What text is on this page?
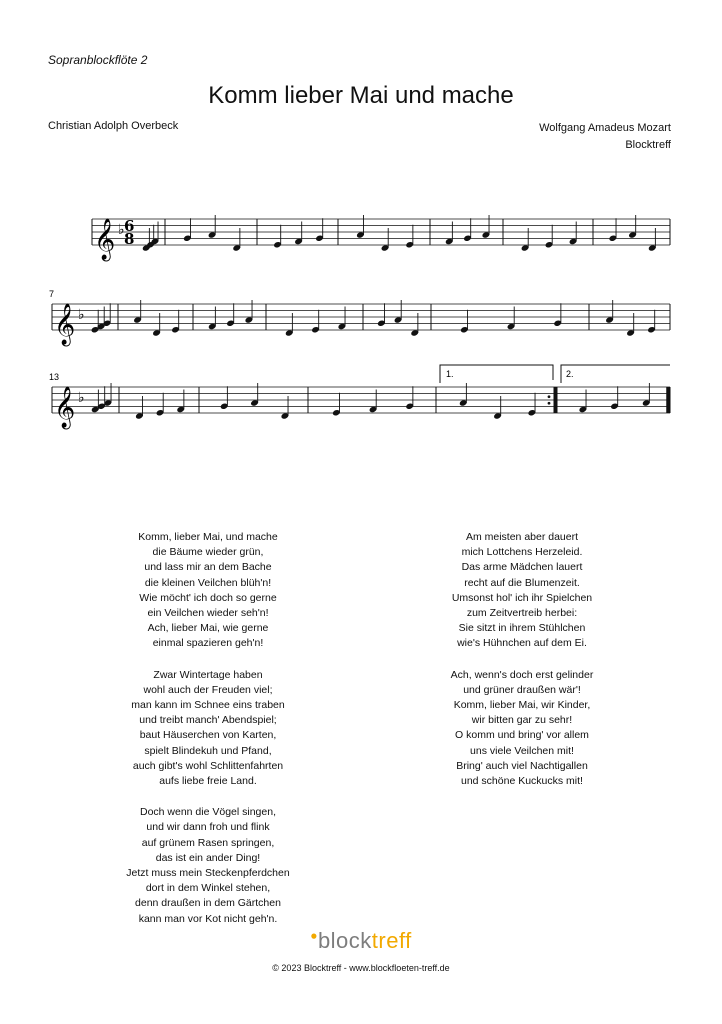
Sopranblockflöte 2
Komm lieber Mai und mache
Christian Adolph Overbeck	Wolfgang Amadeus Mozart
Blocktreff
𝄞 ♭
𝄞 ♭
𝄞 ♭
6
8
7
13	1.	2.
Komm, lieber Mai, und mache
die Bäume wieder grün,
und lass mir an dem Bache
die kleinen Veilchen blüh'n!
Wie möcht' ich doch so gerne
ein Veilchen wieder seh'n!
Ach, lieber Mai, wie gerne
einmal spazieren geh'n!
Zwar Wintertage haben
wohl auch der Freuden viel;
man kann im Schnee eins traben
und treibt manch' Abendspiel;
baut Häuserchen von Karten,
spielt Blindekuh und Pfand,
auch gibt's wohl Schlittenfahrten
aufs liebe freie Land.
Doch wenn die Vögel singen,
und wir dann froh und flink
auf grünem Rasen springen,
das ist ein ander Ding!
Jetzt muss mein Steckenpferdchen
dort in dem Winkel stehen,
denn draußen in dem Gärtchen
kann man vor Kot nicht geh'n.
Am meisten aber dauert
mich Lottchens Herzeleid.
Das arme Mädchen lauert
recht auf die Blumenzeit.
Umsonst hol' ich ihr Spielchen
zum Zeitvertreib herbei:
Sie sitzt in ihrem Stühlchen
wie's Hühnchen auf dem Ei.
Ach, wenn's doch erst gelinder
und grüner draußen wär'!
Komm, lieber Mai, wir Kinder,
wir bitten gar zu sehr!
O komm und bring' vor allem
uns viele Veilchen mit!
Bring' auch viel Nachtigallen
und schöne Kuckucks mit!
●blocktreff
© 2023 Blocktreff - www.blockfloeten-treff.de
